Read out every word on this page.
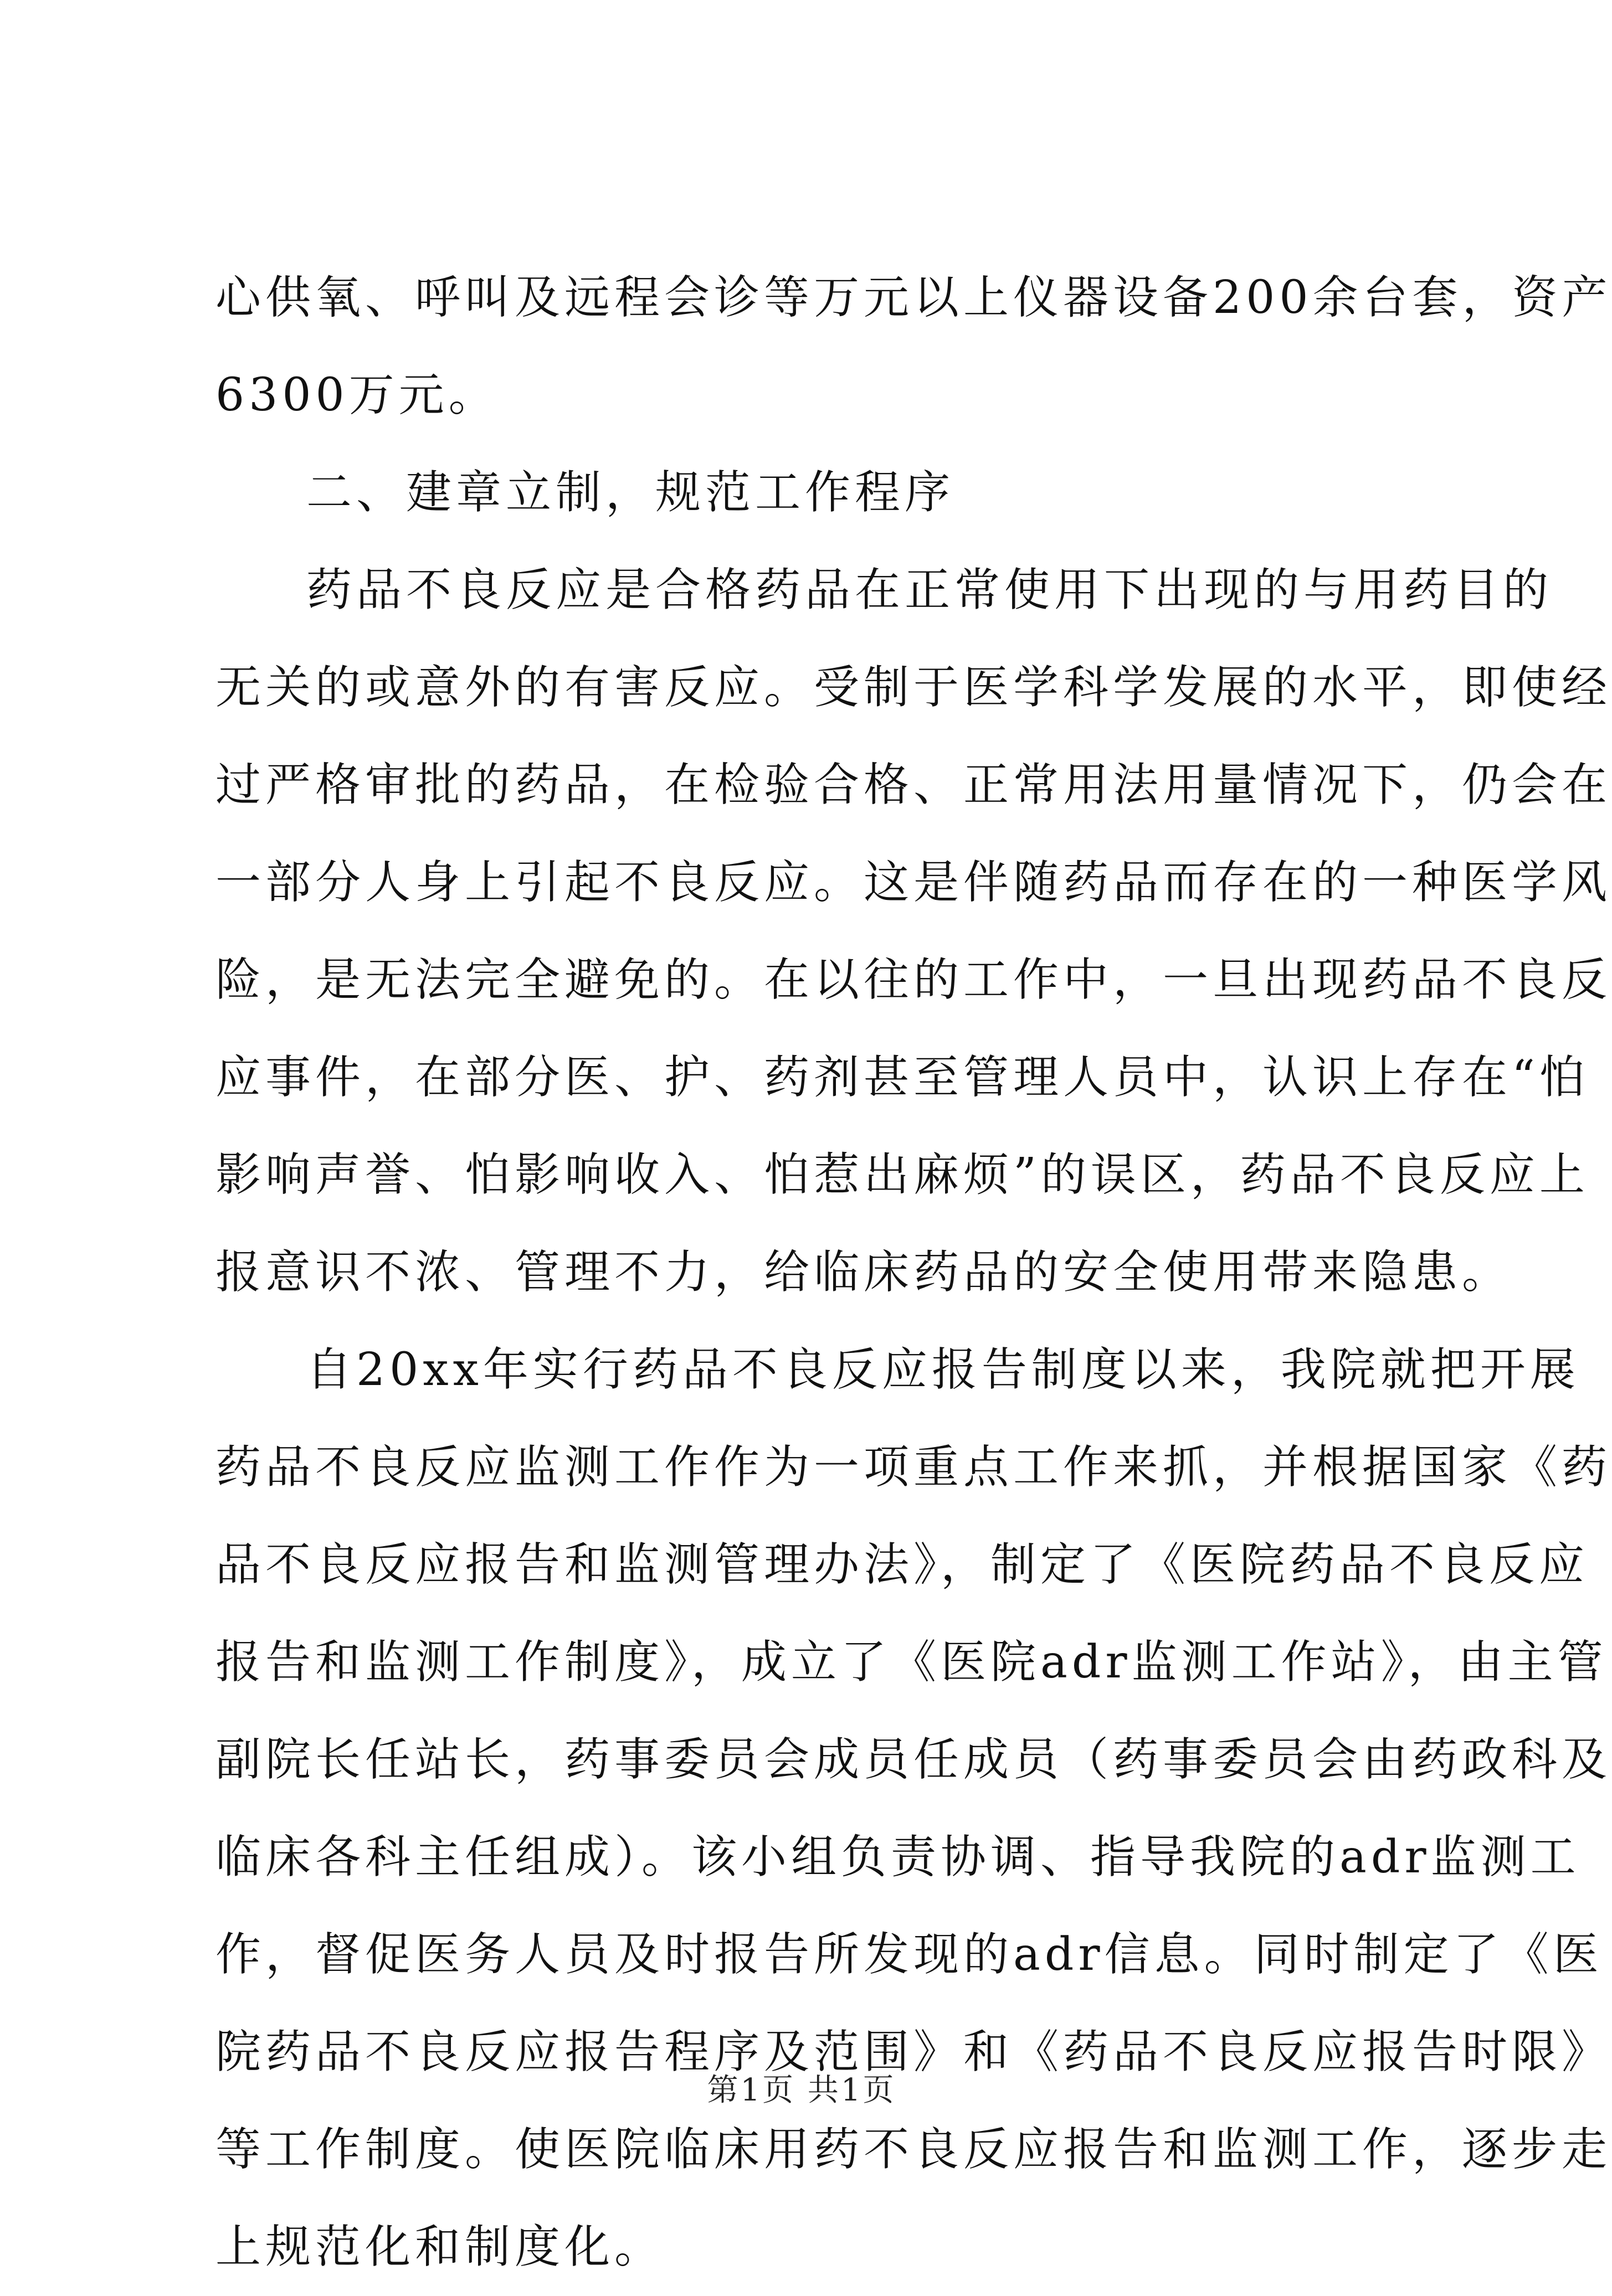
心供氧、呼叫及远程会诊等万元以上仪器设备200余台套，资产
6300万元。
二、建章立制，规范工作程序
药品不良反应是合格药品在正常使用下出现的与用药目的
无关的或意外的有害反应。受制于医学科学发展的水平，即使经
过严格审批的药品，在检验合格、正常用法用量情况下，仍会在
一部分人身上引起不良反应。这是伴随药品而存在的一种医学风
险，是无法完全避免的。在以往的工作中，一旦出现药品不良反
应事件，在部分医、护、药剂甚至管理人员中，认识上存在“怕
影响声誉、怕影响收入、怕惹出麻烦”的误区，药品不良反应上
报意识不浓、管理不力，给临床药品的安全使用带来隐患。
自20xx年实行药品不良反应报告制度以来，我院就把开展
药品不良反应监测工作作为一项重点工作来抓，并根据国家《药
品不良反应报告和监测管理办法》，制定了《医院药品不良反应
报告和监测工作制度》，成立了《医院adr监测工作站》，由主管
副院长任站长，药事委员会成员任成员（药事委员会由药政科及
临床各科主任组成）。该小组负责协调、指导我院的adr监测工
作，督促医务人员及时报告所发现的adr信息。同时制定了《医
院药品不良反应报告程序及范围》和《药品不良反应报告时限》
等工作制度。使医院临床用药不良反应报告和监测工作，逐步走
上规范化和制度化。
第1页 共1页
